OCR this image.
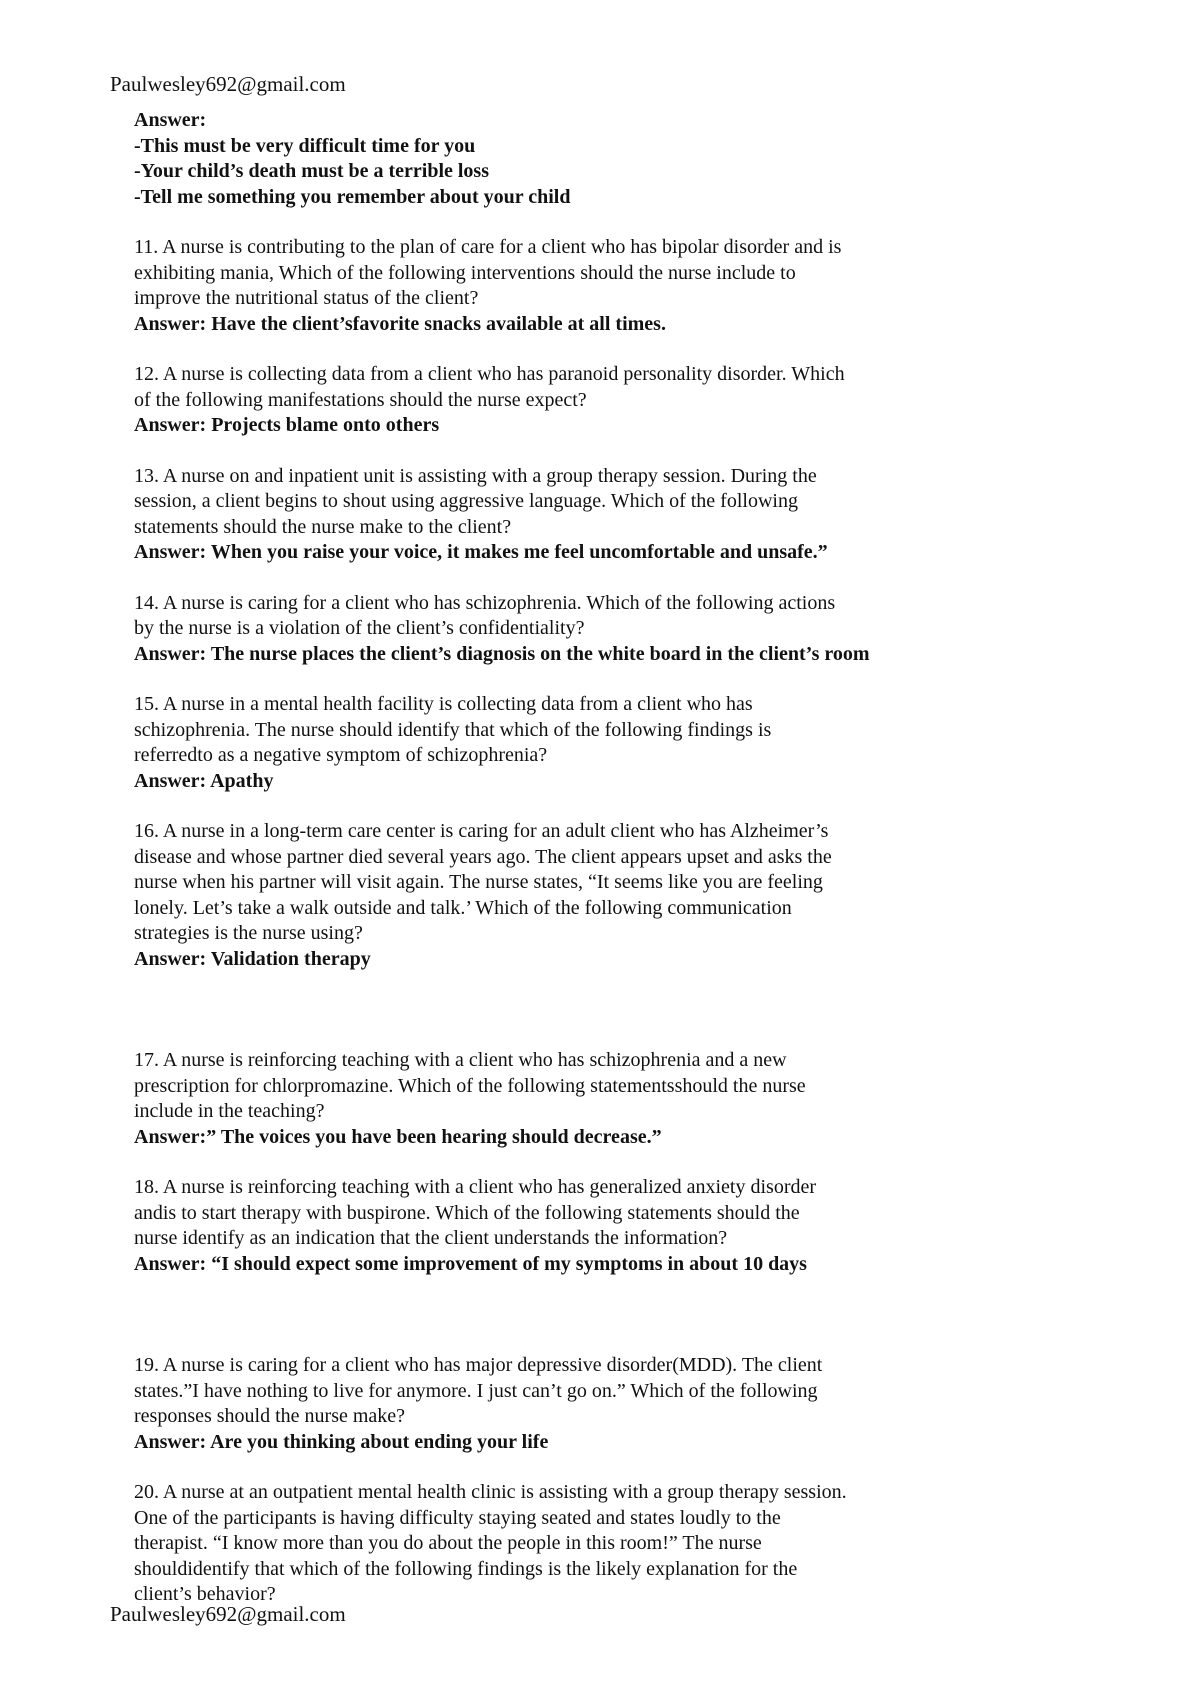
Paulwesley692@gmail.com
Answer:
-This must be very difficult time for you
-Your child’s death must be a terrible loss
-Tell me something you remember about your child
11. A nurse is contributing to the plan of care for a client who has bipolar disorder and is
exhibiting mania, Which of the following interventions should the nurse include to
improve the nutritional status of the client?
Answer: Have the client’sfavorite snacks available at all times.
12. A nurse is collecting data from a client who has paranoid personality disorder. Which
of the following manifestations should the nurse expect?
Answer: Projects blame onto others
13. A nurse on and inpatient unit is assisting with a group therapy session. During the
session, a client begins to shout using aggressive language. Which of the following
statements should the nurse make to the client?
Answer: When you raise your voice, it makes me feel uncomfortable and unsafe.”
14. A nurse is caring for a client who has schizophrenia. Which of the following actions
by the nurse is a violation of the client’s confidentiality?
Answer: The nurse places the client’s diagnosis on the white board in the client’s room
15. A nurse in a mental health facility is collecting data from a client who has
schizophrenia. The nurse should identify that which of the following findings is
referredto as a negative symptom of schizophrenia?
Answer: Apathy
16. A nurse in a long-term care center is caring for an adult client who has Alzheimer’s
disease and whose partner died several years ago. The client appears upset and asks the
nurse when his partner will visit again. The nurse states, “It seems like you are feeling
lonely. Let’s take a walk outside and talk.’ Which of the following communication
strategies is the nurse using?
Answer: Validation therapy
17. A nurse is reinforcing teaching with a client who has schizophrenia and a new
prescription for chlorpromazine. Which of the following statementsshould the nurse
include in the teaching?
Answer:” The voices you have been hearing should decrease.”
18. A nurse is reinforcing teaching with a client who has generalized anxiety disorder
andis to start therapy with buspirone. Which of the following statements should the
nurse identify as an indication that the client understands the information?
Answer: “I should expect some improvement of my symptoms in about 10 days
19. A nurse is caring for a client who has major depressive disorder(MDD). The client
states.”I have nothing to live for anymore. I just can’t go on.” Which of the following
responses should the nurse make?
Answer: Are you thinking about ending your life
20. A nurse at an outpatient mental health clinic is assisting with a group therapy session.
One of the participants is having difficulty staying seated and states loudly to the
therapist. “I know more than you do about the people in this room!” The nurse
shouldidentify that which of the following findings is the likely explanation for the
client’s behavior?
Paulwesley692@gmail.com
